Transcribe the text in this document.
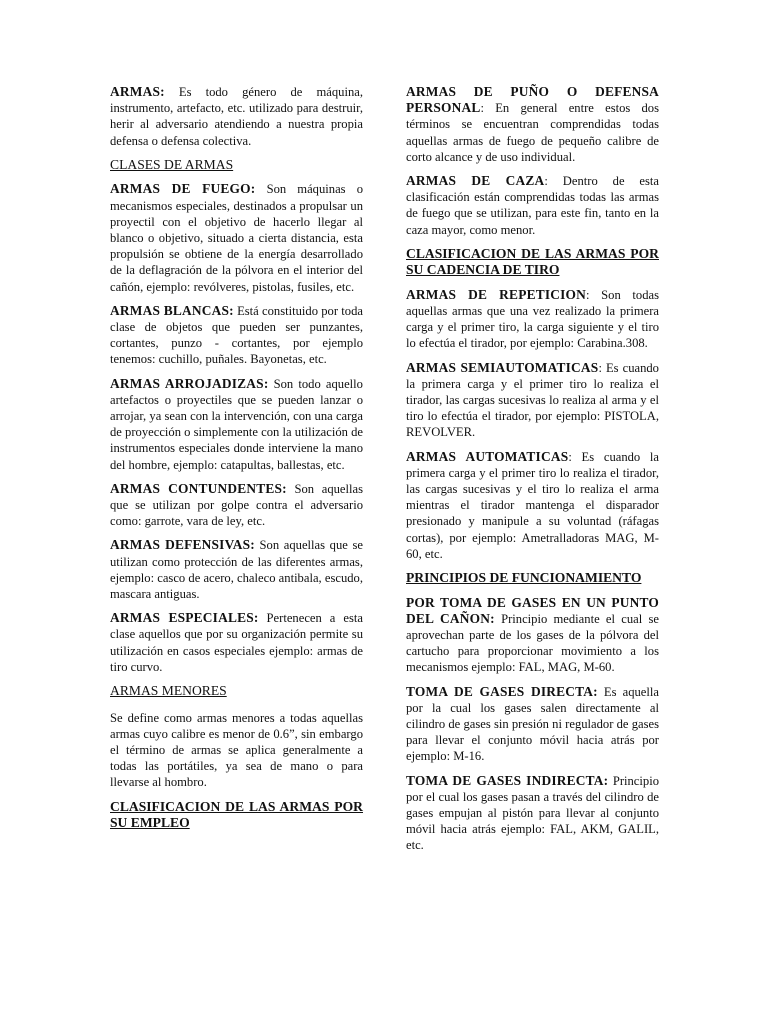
ARMAS: Es todo género de máquina, instrumento, artefacto, etc. utilizado para destruir, herir al adversario atendiendo a nuestra propia defensa o defensa colectiva.

CLASES DE ARMAS

ARMAS DE FUEGO: Son máquinas o mecanismos especiales, destinados a propulsar un proyectil con el objetivo de hacerlo llegar al blanco o objetivo, situado a cierta distancia, esta propulsión se obtiene de la energía desarrollado de la deflagración de la pólvora en el interior del cañón, ejemplo: revólveres, pistolas, fusiles, etc.

ARMAS BLANCAS: Está constituido por toda clase de objetos que pueden ser punzantes, cortantes, punzo - cortantes, por ejemplo tenemos: cuchillo, puñales. Bayonetas, etc.

ARMAS ARROJADIZAS: Son todo aquello artefactos o proyectiles que se pueden lanzar o arrojar, ya sean con la intervención, con una carga de proyección o simplemente con la utilización de instrumentos especiales donde interviene la mano del hombre, ejemplo: catapultas, ballestas, etc.

ARMAS CONTUNDENTES: Son aquellas que se utilizan por golpe contra el adversario como: garrote, vara de ley, etc.

ARMAS DEFENSIVAS: Son aquellas que se utilizan como protección de las diferentes armas, ejemplo: casco de acero, chaleco antibala, escudo, mascara antiguas.

ARMAS ESPECIALES: Pertenecen a esta clase aquellos que por su organización permite su utilización en casos especiales ejemplo: armas de tiro curvo.

ARMAS MENORES

Se define como armas menores a todas aquellas armas cuyo calibre es menor de 0.6”, sin embargo el término de armas se aplica generalmente a todas las portátiles, ya sea de mano o para llevarse al hombro.

CLASIFICACION DE LAS ARMAS POR SU EMPLEO

ARMAS DE PUÑO O DEFENSA PERSONAL: En general entre estos dos términos se encuentran comprendidas todas aquellas armas de fuego de pequeño calibre de corto alcance y de uso individual.

ARMAS DE CAZA: Dentro de esta clasificación están comprendidas todas las armas de fuego que se utilizan, para este fin, tanto en la caza mayor, como menor.

CLASIFICACION DE LAS ARMAS POR SU CADENCIA DE TIRO

ARMAS DE REPETICION: Son todas aquellas armas que una vez realizado la primera carga y el primer tiro, la carga siguiente y el tiro lo efectúa el tirador, por ejemplo: Carabina.308.

ARMAS SEMIAUTOMATICAS: Es cuando la primera carga y el primer tiro lo realiza el tirador, las cargas sucesivas lo realiza al arma y el tiro lo efectúa el tirador, por ejemplo: PISTOLA, REVOLVER.

ARMAS AUTOMATICAS: Es cuando la primera carga y el primer tiro lo realiza el tirador, las cargas sucesivas y el tiro lo realiza el arma mientras el tirador mantenga el disparador presionado y manipule a su voluntad (ráfagas cortas), por ejemplo: Ametralladoras MAG, M-60, etc.

PRINCIPIOS DE FUNCIONAMIENTO

POR TOMA DE GASES EN UN PUNTO DEL CAÑON: Principio mediante el cual se aprovechan parte de los gases de la pólvora del cartucho para proporcionar movimiento a los mecanismos ejemplo: FAL, MAG, M-60.

TOMA DE GASES DIRECTA: Es aquella por la cual los gases salen directamente al cilindro de gases sin presión ni regulador de gases para llevar el conjunto móvil hacia atrás por ejemplo: M-16.

TOMA DE GASES INDIRECTA: Principio por el cual los gases pasan a través del cilindro de gases empujan al pistón para llevar al conjunto móvil hacia atrás ejemplo: FAL, AKM, GALIL, etc.
